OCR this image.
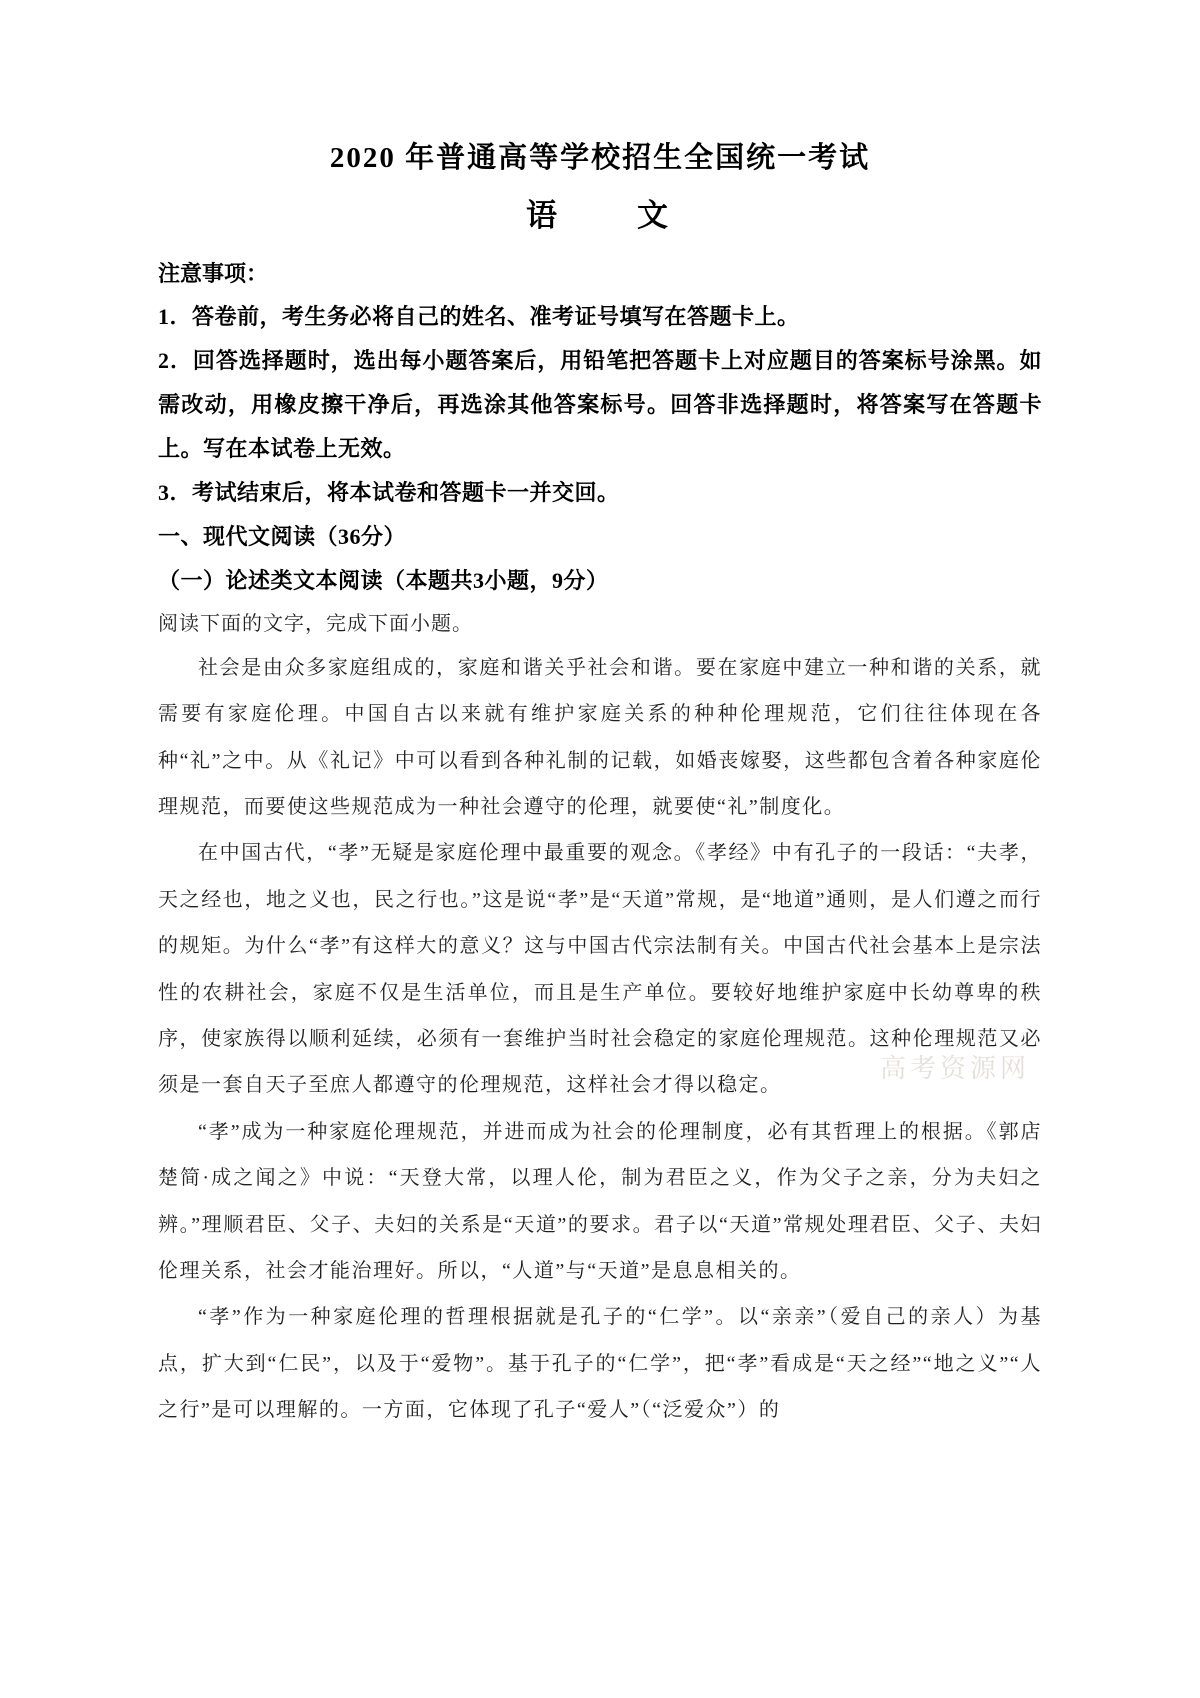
2020 年普通高等学校招生全国统一考试
语　　文
注意事项：

1．答卷前，考生务必将自己的姓名、准考证号填写在答题卡上。

2．回答选择题时，选出每小题答案后，用铅笔把答题卡上对应题目的答案标号涂黑。如需改动，用橡皮擦干净后，再选涂其他答案标号。回答非选择题时，将答案写在答题卡上。写在本试卷上无效。

3．考试结束后，将本试卷和答题卡一并交回。

一、现代文阅读（36分）
（一）论述类文本阅读（本题共3小题，9分）

阅读下面的文字，完成下面小题。

社会是由众多家庭组成的，家庭和谐关乎社会和谐。要在家庭中建立一种和谐的关系，就需要有家庭伦理。中国自古以来就有维护家庭关系的种种伦理规范，它们往往体现在各种“礼”之中。从《礼记》中可以看到各种礼制的记载，如婚丧嫁娶，这些都包含着各种家庭伦理规范，而要使这些规范成为一种社会遵守的伦理，就要使“礼”制度化。

在中国古代，“孝”无疑是家庭伦理中最重要的观念。《孝经》中有孔子的一段话：“夫孝，天之经也，地之义也，民之行也。”这是说“孝”是“天道”常规，是“地道”通则，是人们遵之而行的规矩。为什么“孝”有这样大的意义？这与中国古代宗法制有关。中国古代社会基本上是宗法性的农耕社会，家庭不仅是生活单位，而且是生产单位。要较好地维护家庭中长幼尊卑的秩序，使家族得以顺利延续，必须有一套维护当时社会稳定的家庭伦理规范。这种伦理规范又必须是一套自天子至庶人都遵守的伦理规范，这样社会才得以稳定。

“孝”成为一种家庭伦理规范，并进而成为社会的伦理制度，必有其哲理上的根据。《郭店楚简·成之闻之》中说：“天登大常，以理人伦，制为君臣之义，作为父子之亲，分为夫妇之辨。”理顺君臣、父子、夫妇的关系是“天道”的要求。君子以“天道”常规处理君臣、父子、夫妇伦理关系，社会才能治理好。所以，“人道”与“天道”是息息相关的。

“孝”作为一种家庭伦理的哲理根据就是孔子的“仁学”。以“亲亲”（爱自己的亲人）为基点，扩大到“仁民”，以及于“爱物”。基于孔子的“仁学”，把“孝”看成是“天之经”“地之义”“人之行”是可以理解的。一方面，它体现了孔子“爱人”（“泛爱众”）的

高考资源网
